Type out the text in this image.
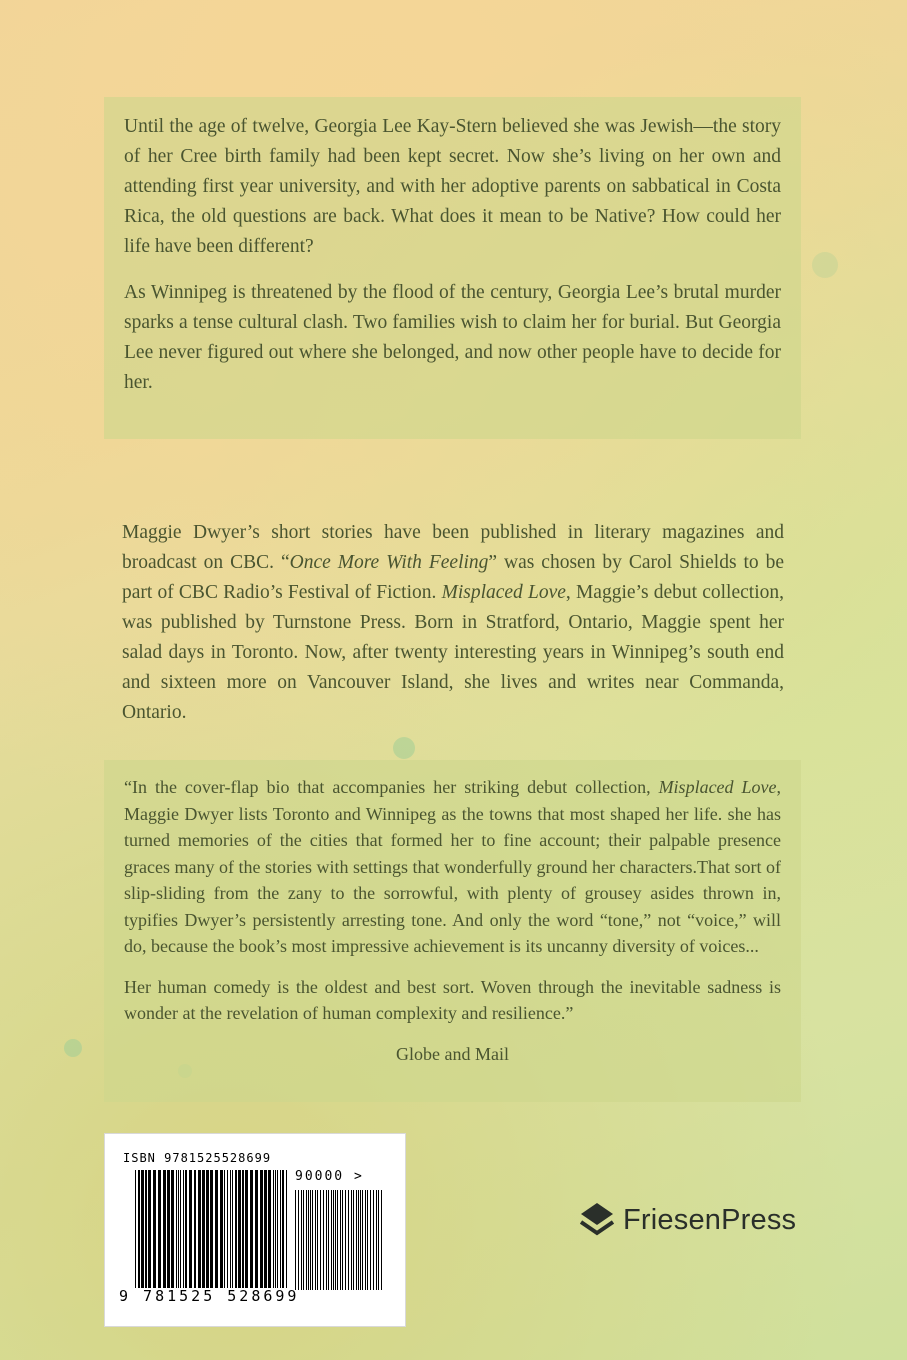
Until the age of twelve, Georgia Lee Kay-Stern believed she was Jewish—the story of her Cree birth family had been kept secret. Now she’s living on her own and attending first year university, and with her adoptive parents on sabbatical in Costa Rica, the old questions are back. What does it mean to be Native? How could her life have been different?

As Winnipeg is threatened by the flood of the century, Georgia Lee’s brutal murder sparks a tense cultural clash. Two families wish to claim her for burial. But Georgia Lee never figured out where she belonged, and now other people have to decide for her.

Maggie Dwyer’s short stories have been published in literary magazines and broadcast on CBC. “Once More With Feeling” was chosen by Carol Shields to be part of CBC Radio’s Festival of Fiction. Misplaced Love, Maggie’s debut collection, was published by Turnstone Press. Born in Stratford, Ontario, Maggie spent her salad days in Toronto. Now, after twenty interesting years in Winnipeg’s south end and sixteen more on Vancouver Island, she lives and writes near Commanda, Ontario.

“In the cover-flap bio that accompanies her striking debut collection, Misplaced Love, Maggie Dwyer lists Toronto and Winnipeg as the towns that most shaped her life. she has turned memories of the cities that formed her to fine account; their palpable presence graces many of the stories with settings that wonderfully ground her characters.That sort of slip-sliding from the zany to the sorrowful, with plenty of grousey asides thrown in, typifies Dwyer’s persistently arresting tone. And only the word “tone,” not “voice,” will do, because the book’s most impressive achievement is its uncanny diversity of voices...

Her human comedy is the oldest and best sort. Woven through the inevitable sadness is wonder at the revelation of human complexity and resilience.”

Globe and Mail

ISBN 9781525528699
90000 >
9 781525 528699
FriesenPress
